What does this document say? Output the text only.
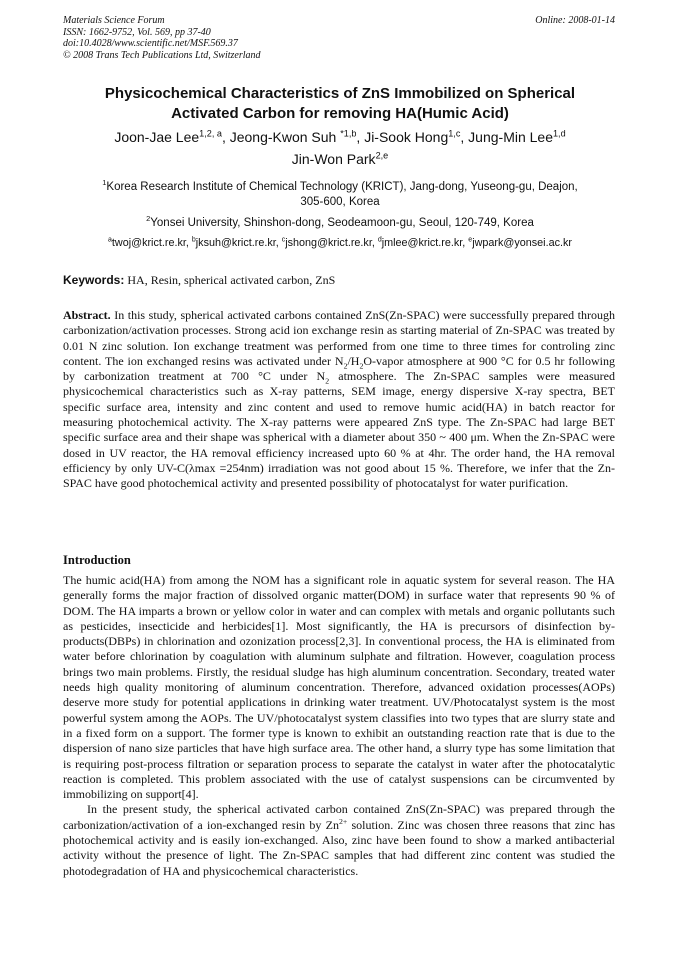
Materials Science Forum
ISSN: 1662-9752, Vol. 569, pp 37-40
doi:10.4028/www.scientific.net/MSF.569.37
© 2008 Trans Tech Publications Ltd, Switzerland
Online: 2008-01-14
Physicochemical Characteristics of ZnS Immobilized on Spherical
Activated Carbon for removing HA(Humic Acid)
Joon-Jae Lee$^{1,2, a}$, Jeong-Kwon Suh $^{*1,b}$, Ji-Sook Hong$^{1,c}$, Jung-Min Lee$^{1,d}$
Jin-Won Park$^{2,e}$
$^1$Korea Research Institute of Chemical Technology (KRICT), Jang-dong, Yuseong-gu, Deajon,
305-600, Korea
$^2$Yonsei University, Shinshon-dong, Seodeamoon-gu, Seoul, 120-749, Korea
$^a$twoj@krict.re.kr, $^b$jksuh@krict.re.kr, $^c$jshong@krict.re.kr, $^d$jmlee@krict.re.kr, $^e$jwpark@yonsei.ac.kr
Keywords: HA, Resin, spherical activated carbon, ZnS
Abstract. In this study, spherical activated carbons contained ZnS(Zn-SPAC) were successfully prepared through carbonization/activation processes. Strong acid ion exchange resin as starting material of Zn-SPAC was treated by 0.01 N zinc solution. Ion exchange treatment was performed from one time to three times for controling zinc content. The ion exchanged resins was activated under $N_2/H_2O$-vapor atmosphere at 900 °C for 0.5 hr following by carbonization treatment at 700 °C under $N_2$ atmosphere. The Zn-SPAC samples were measured physicochemical characteristics such as X-ray patterns, SEM image, energy dispersive X-ray spectra, BET specific surface area, intensity and zinc content and used to remove humic acid(HA) in batch reactor for measuring photochemical activity. The X-ray patterns were appeared ZnS type. The Zn-SPAC had large BET specific surface area and their shape was spherical with a diameter about 350 ~ 400 μm. When the Zn-SPAC were dosed in UV reactor, the HA removal efficiency increased upto 60 % at 4hr. The order hand, the HA removal efficiency by only UV-C(λmax =254nm) irradiation was not good about 15 %. Therefore, we infer that the Zn-SPAC have good photochemical activity and presented possibility of photocatalyst for water purification.
Introduction

The humic acid(HA) from among the NOM has a significant role in aquatic system for several reason. The HA generally forms the major fraction of dissolved organic matter(DOM) in surface water that represents 90 % of DOM. The HA imparts a brown or yellow color in water and can complex with metals and organic pollutants such as pesticides, insecticide and herbicides[1]. Most significantly, the HA is precursors of disinfection by-products(DBPs) in chlorination and ozonization process[2,3]. In conventional process, the HA is eliminated from water before chlorination by coagulation with aluminum sulphate and filtration. However, coagulation process brings two main problems. Firstly, the residual sludge has high aluminum concentration. Secondary, treated water needs high quality monitoring of aluminum concentration. Therefore, advanced oxidation processes(AOPs) deserve more study for potential applications in drinking water treatment. UV/Photocatalyst system is the most powerful system among the AOPs. The UV/photocatalyst system classifies into two types that are slurry state and in a fixed form on a support. The former type is known to exhibit an outstanding reaction rate that is due to the dispersion of nano size particles that have high surface area. The other hand, a slurry type has some limitation that is requiring post-process filtration or separation process to separate the catalyst in water after the photocatalytic reaction is completed. This problem associated with the use of catalyst suspensions can be circumvented by immobilizing on support[4].

In the present study, the spherical activated carbon contained ZnS(Zn-SPAC) was prepared through the carbonization/activation of a ion-exchanged resin by $Zn^{2+}$ solution. Zinc was chosen three reasons that zinc has photochemical activity and is easily ion-exchanged. Also, zinc have been found to show a marked antibacterial activity without the presence of light. The Zn-SPAC samples that had different zinc content was studied the photodegradation of HA and physicochemical characteristics.
